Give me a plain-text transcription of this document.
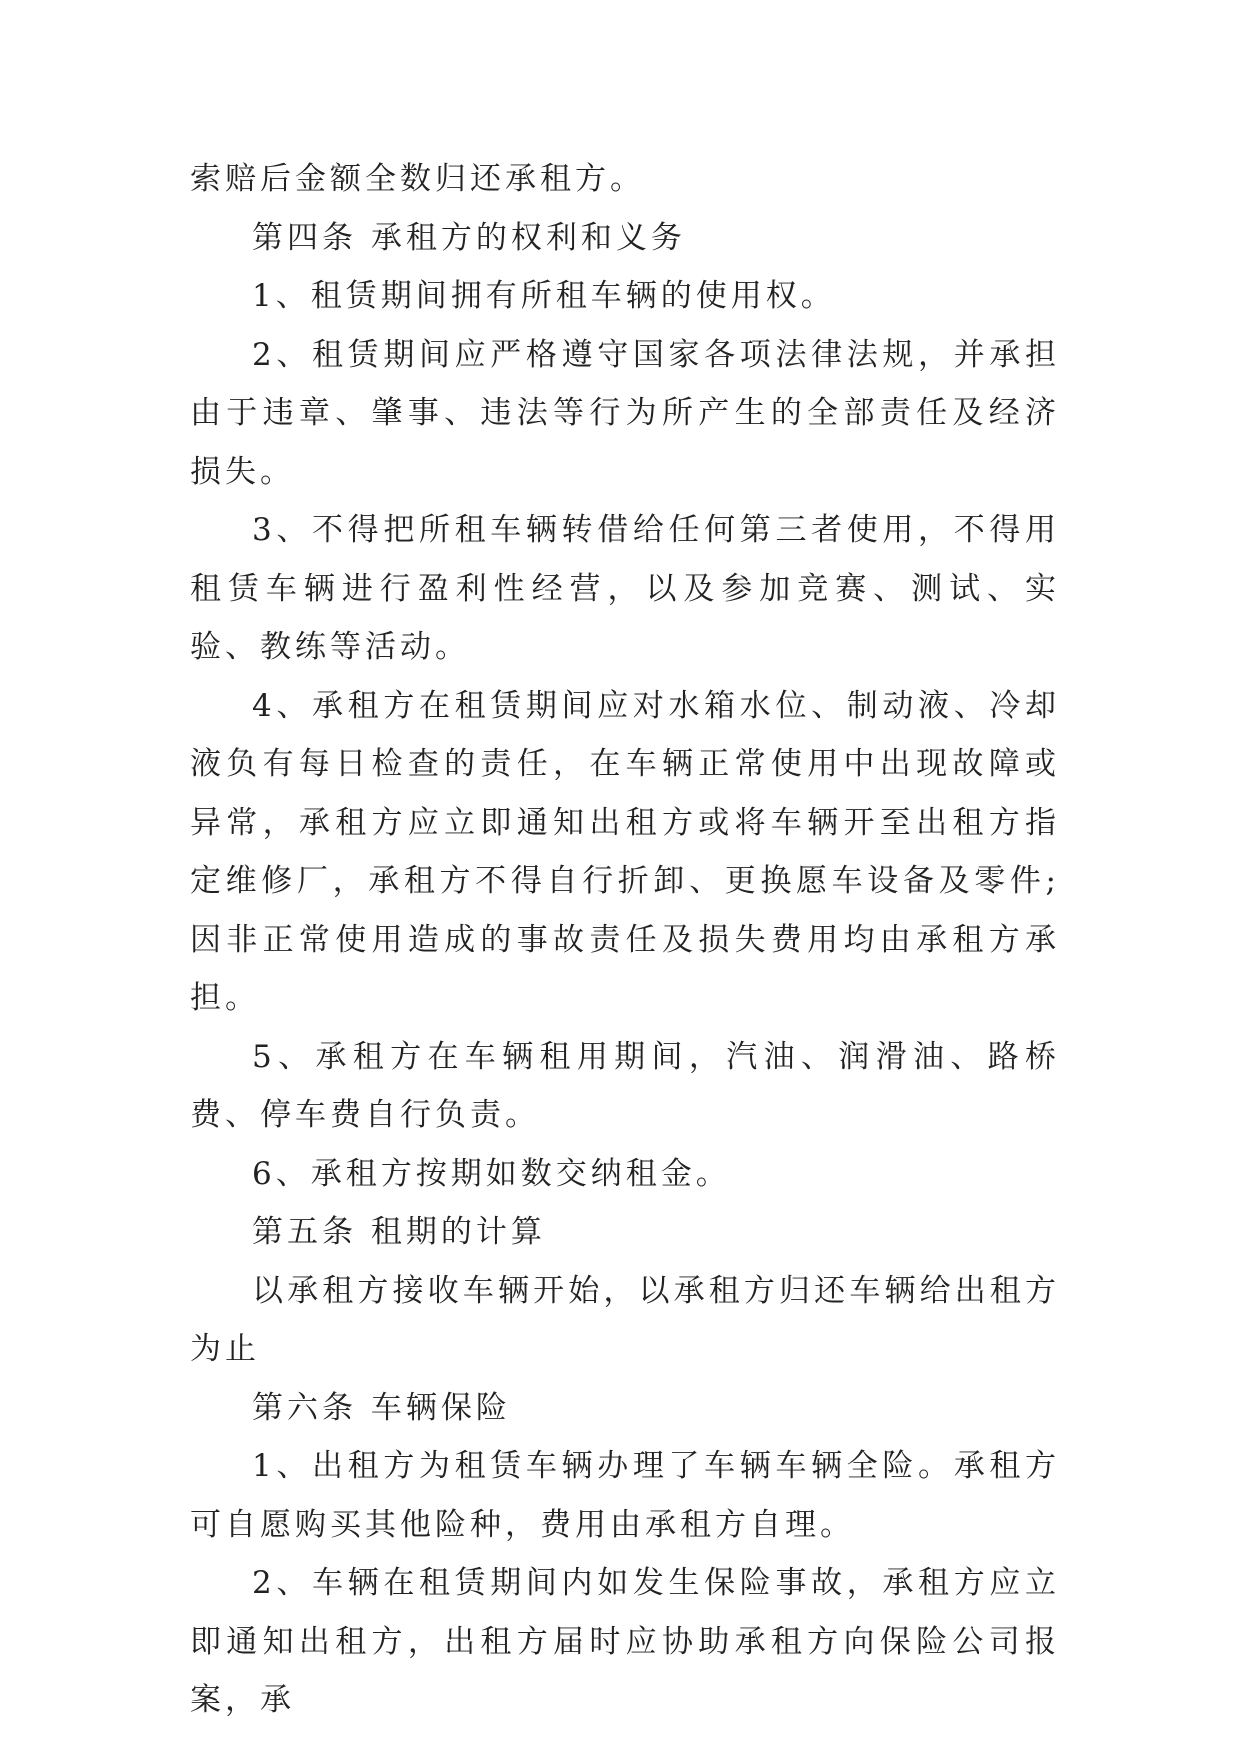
索赔后金额全数归还承租方。

第四条 承租方的权利和义务

1、租赁期间拥有所租车辆的使用权。

2、租赁期间应严格遵守国家各项法律法规，并承担由于违章、肇事、违法等行为所产生的全部责任及经济损失。

3、不得把所租车辆转借给任何第三者使用，不得用租赁车辆进行盈利性经营，以及参加竞赛、测试、实验、教练等活动。

4、承租方在租赁期间应对水箱水位、制动液、冷却液负有每日检查的责任，在车辆正常使用中出现故障或异常，承租方应立即通知出租方或将车辆开至出租方指定维修厂，承租方不得自行折卸、更换愿车设备及零件;因非正常使用造成的事故责任及损失费用均由承租方承担。

5、承租方在车辆租用期间，汽油、润滑油、路桥费、停车费自行负责。

6、承租方按期如数交纳租金。

第五条 租期的计算

以承租方接收车辆开始，以承租方归还车辆给出租方为止

第六条 车辆保险

1、出租方为租赁车辆办理了车辆车辆全险。承租方可自愿购买其他险种，费用由承租方自理。

2、车辆在租赁期间内如发生保险事故，承租方应立即通知出租方，出租方届时应协助承租方向保险公司报案，承
